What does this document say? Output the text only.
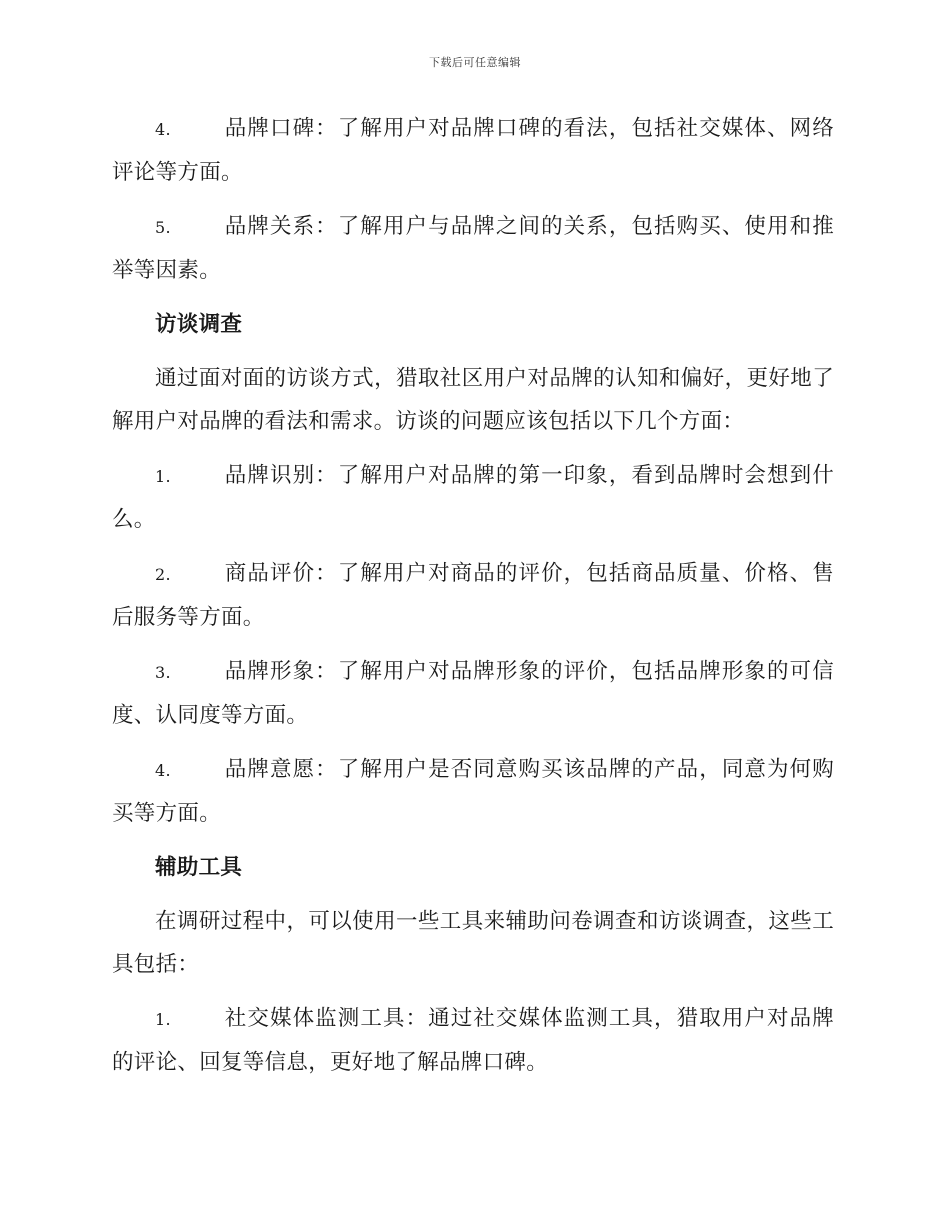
下载后可任意编辑
4. 品牌口碑：了解用户对品牌口碑的看法，包括社交媒体、网络评论等方面。
5. 品牌关系：了解用户与品牌之间的关系，包括购买、使用和推举等因素。
访谈调查
通过面对面的访谈方式，猎取社区用户对品牌的认知和偏好，更好地了解用户对品牌的看法和需求。访谈的问题应该包括以下几个方面：
1. 品牌识别：了解用户对品牌的第一印象，看到品牌时会想到什么。
2. 商品评价：了解用户对商品的评价，包括商品质量、价格、售后服务等方面。
3. 品牌形象：了解用户对品牌形象的评价，包括品牌形象的可信度、认同度等方面。
4. 品牌意愿：了解用户是否同意购买该品牌的产品，同意为何购买等方面。
辅助工具
在调研过程中，可以使用一些工具来辅助问卷调查和访谈调查，这些工具包括：
1. 社交媒体监测工具：通过社交媒体监测工具，猎取用户对品牌的评论、回复等信息，更好地了解品牌口碑。
